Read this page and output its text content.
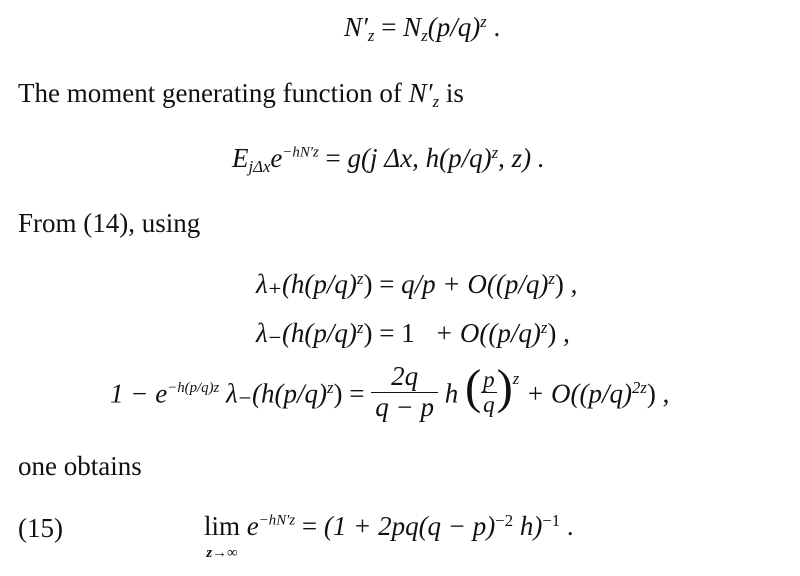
$N'_z = N_z(p/q)^z$ .
The moment generating function of $N'_z$ is
$E_{j\Delta x}e^{-hN'z} = g(j$ Δx, $h(p/q)^z$, z) .
From (14), using
$\lambda_+(h(p/q)^z) = q/p + O((p/q)^z)$ ,
$\lambda_-(h(p/q)^z) = 1 + O((p/q)^z)$ ,
$1 - e^{-h(p/q)z}$ $\lambda_-(h(p/q)^z) = \frac{2q}{q - p}$ h ( $\frac{p}{q} )^z + O((p/q)^{2z})$ ,
one obtains
(15)	lim
z→∞
$e^{-hN'z} = (1 + 2pq(q - p)^{-2}$ h)$^{-1}$ .
